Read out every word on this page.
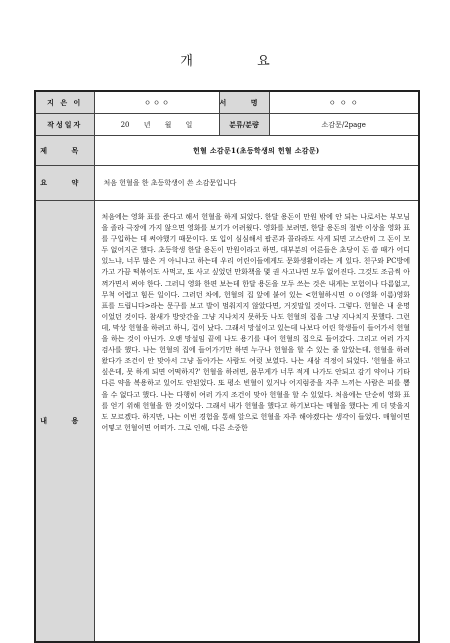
개 요
지 은 이	ㅇ ㅇ ㅇ	서 명	ㅇ ㅇ ㅇ
작성일자	20 년 월 일	분류/분량	소감문/2page
제 목	헌혈 소감문1(초등학생의 헌혈 소감문)		
요 약	처음 헌혈을 한 초등학생이 쓴 소감문입니다		
내 용	처음에는 영화 표를 준다고 해서 헌혈을 하게 되었다. 한달 용돈이 만원 밖에 안 되는 나로서는 부모님을 졸라 극장에 가지 않으면 영화를 보기가 어려웠다. 영화를 보려면, 한달 용돈의 절반 이상을 영화 표를 구입하는 데 써야했기 때문이다. 또 입이 심심해서 팝콘과 콜라라도 사게 되면 고스란히 그 돈이 모두 없어지곤 했다. 초등학생 한달 용돈이 만원이라고 하면, 대부분의 어른들은 초당이 돈 쓸 때가 어디 있느냐, 너무 많은 거 아니냐고 하는데 우리 어린이들에게도 문화생활이라는 게 있다. 친구와 PC방에 가고 가끔 떡볶이도 사먹고, 또 사고 싶었던 만화책을 몇 권 사고나면 모두 없어진다. 그것도 조금씩 아껴가면서 써야 한다. 그러니 영화 한편 보는데 한달 용돈을 모두 쓰는 것은 내게는 모험이나 다름없고, 무척 어렵고 힘든 일이다. 그러던 차에, 헌혈의 집 앞에 붙어 있는 <헌혈하시면 ㅇㅇ(영화 이름)영화 표를 드립니다>라는 문구를 보고 발이 멈춰지지 않았다면, 거짓말일 것이다. 그렇다. 헌혈은 내 운명이었던 것이다. 참새가 방앗간을 그냥 지나치지 못하듯 나도 헌혈의 집을 그냥 지나치지 못했다. 그런데, 막상 헌혈을 하려고 하니, 겁이 났다. 그래서 망설이고 있는데 나보다 어린 학생들이 들어가서 헌혈을 하는 것이 아닌가. 오랜 망설임 끝에 나도 용기를 내어 헌혈의 집으로 들어갔다. 그리고 여러 가지 검사를 했다. 나는 헌혈의 집에 들어가기만 하면 누구나 헌혈을 할 수 있는 줄 알았는데, 헌혈을 하려 왔다가 조건이 안 맞아서 그냥 돌아가는 사람도 여럿 보였다. 나는 새삼 걱정이 되었다. '헌혈을 하고 싶은데, 못 하게 되면 어떡하지?' 헌혈을 하려면, 몸무게가 너무 적게 나가도 안되고 감기 약이나 기타 다른 약을 복용하고 있어도 안된었다. 또 평소 빈혈이 있거나 어지럼증을 자주 느끼는 사람은 피를 뽑을 수 없다고 했다. 나는 다행히 여러 가지 조건이 맞아 헌혈을 할 수 있었다. 처음에는 단순히 영화 표를 얻기 위해 헌혈을 한 것이었다. 그래서 내가 헌혈을 했다고 하기보다는 매혈을 했다는 게 더 맞을지도 모르겠다. 하지만, 나는 이번 경험을 통해 앞으로 헌혈을 자주 해야겠다는 생각이 들었다. 매혈이면 어떻고 헌혈이면 어떠가. 그로 인해, 다른 소중한		
